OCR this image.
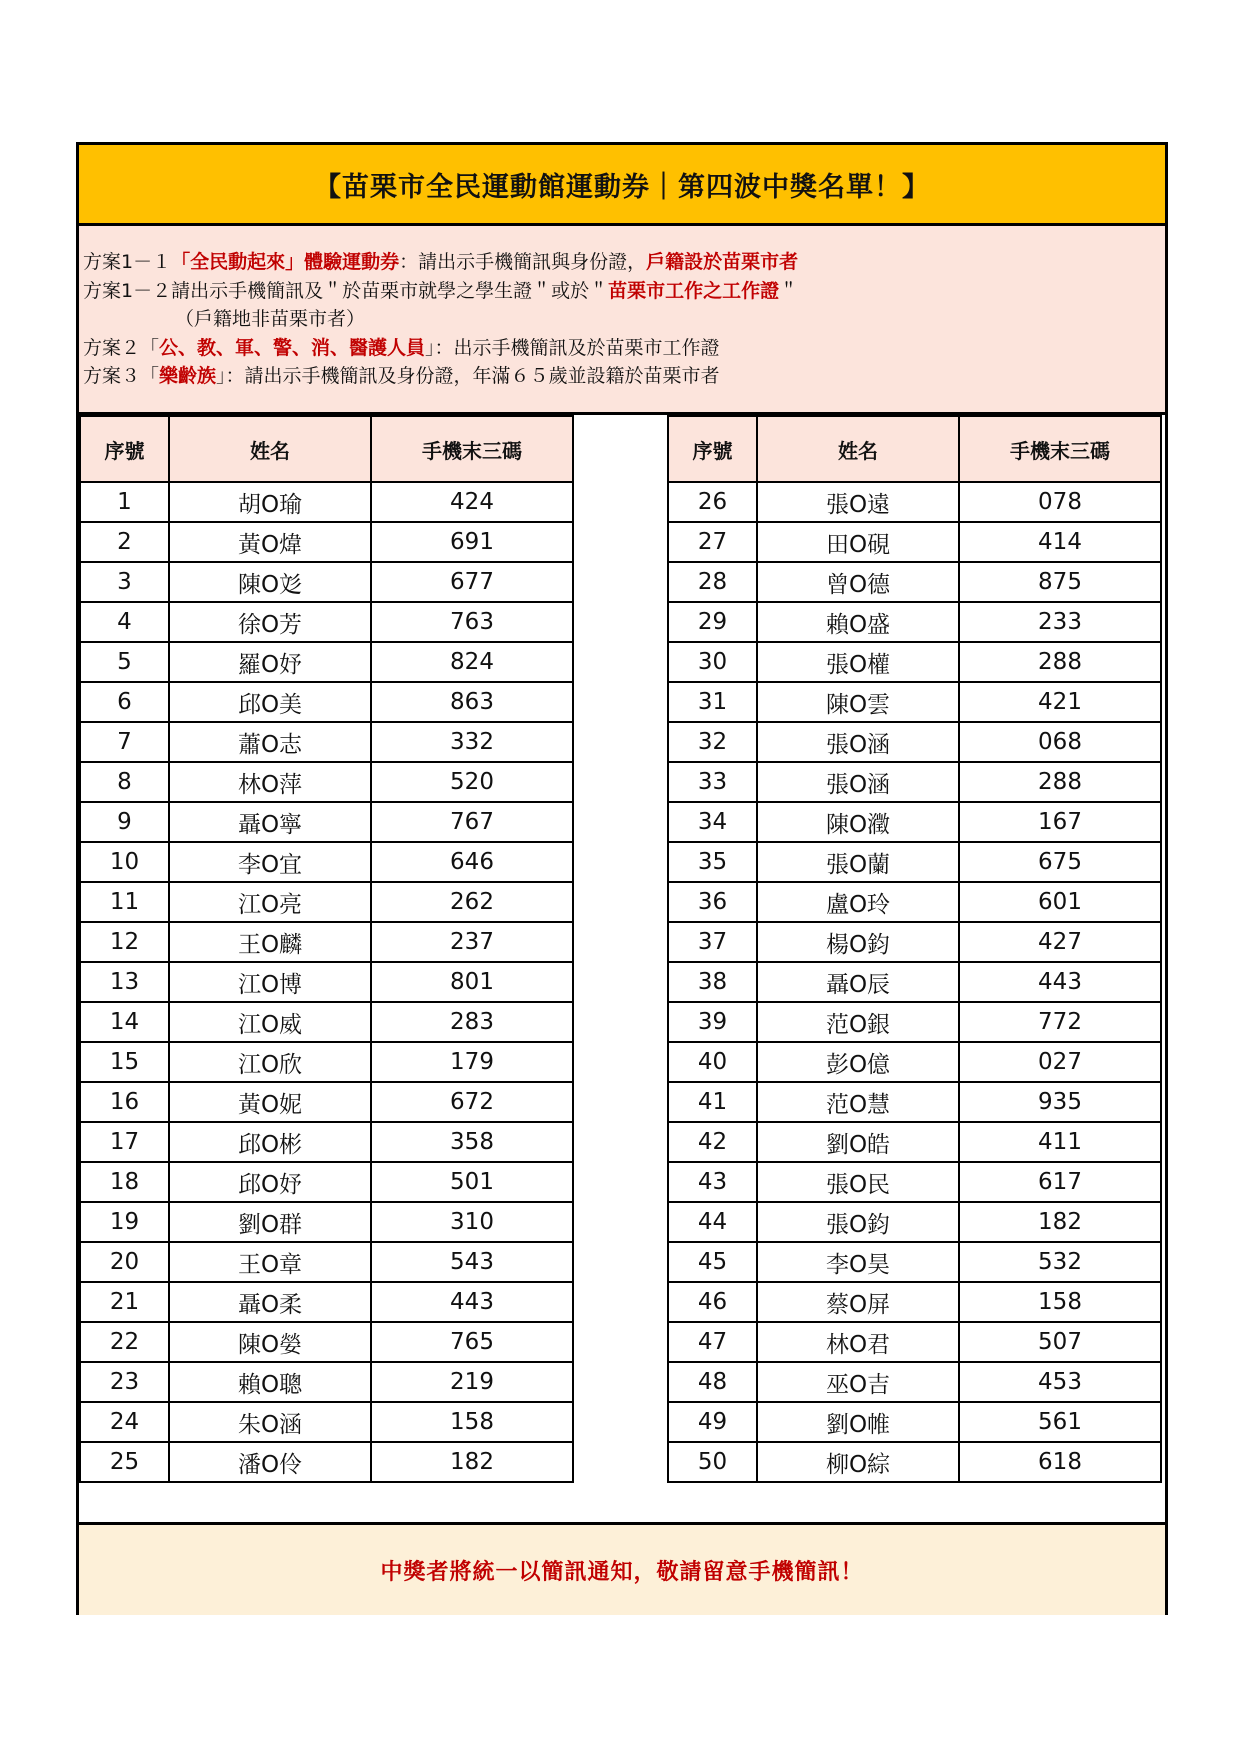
【苗栗市全民運動館運動券｜第四波中獎名單！】
方案1－１「全民動起來」體驗運動券：請出示手機簡訊與身份證，戶籍設於苗栗市者
方案1－２請出示手機簡訊及＂於苗栗市就學之學生證＂或於＂苗栗市工作之工作證＂
（戶籍地非苗栗市者）
方案２「公、教、軍、警、消、醫護人員」：出示手機簡訊及於苗栗市工作證
方案３「樂齡族」：請出示手機簡訊及身份證，年滿６５歲並設籍於苗栗市者
序號	姓名	手機末三碼
1	胡O瑜	424
2	黃O煒	691
3	陳O彣	677
4	徐O芳	763
5	羅O妤	824
6	邱O美	863
7	蕭O志	332
8	林O萍	520
9	聶O寧	767
10	李O宜	646
11	江O亮	262
12	王O麟	237
13	江O博	801
14	江O威	283
15	江O欣	179
16	黃O妮	672
17	邱O彬	358
18	邱O妤	501
19	劉O群	310
20	王O章	543
21	聶O柔	443
22	陳O嫈	765
23	賴O聰	219
24	朱O涵	158
25	潘O伶	182
序號	姓名	手機末三碼
26	張O遠	078
27	田O硯	414
28	曾O德	875
29	賴O盛	233
30	張O權	288
31	陳O雲	421
32	張O涵	068
33	張O涵	288
34	陳O瀓	167
35	張O蘭	675
36	盧O玲	601
37	楊O鈞	427
38	聶O辰	443
39	范O銀	772
40	彭O億	027
41	范O慧	935
42	劉O皓	411
43	張O民	617
44	張O鈞	182
45	李O昊	532
46	蔡O屏	158
47	林O君	507
48	巫O吉	453
49	劉O帷	561
50	柳O綜	618
中獎者將統一以簡訊通知，敬請留意手機簡訊！
